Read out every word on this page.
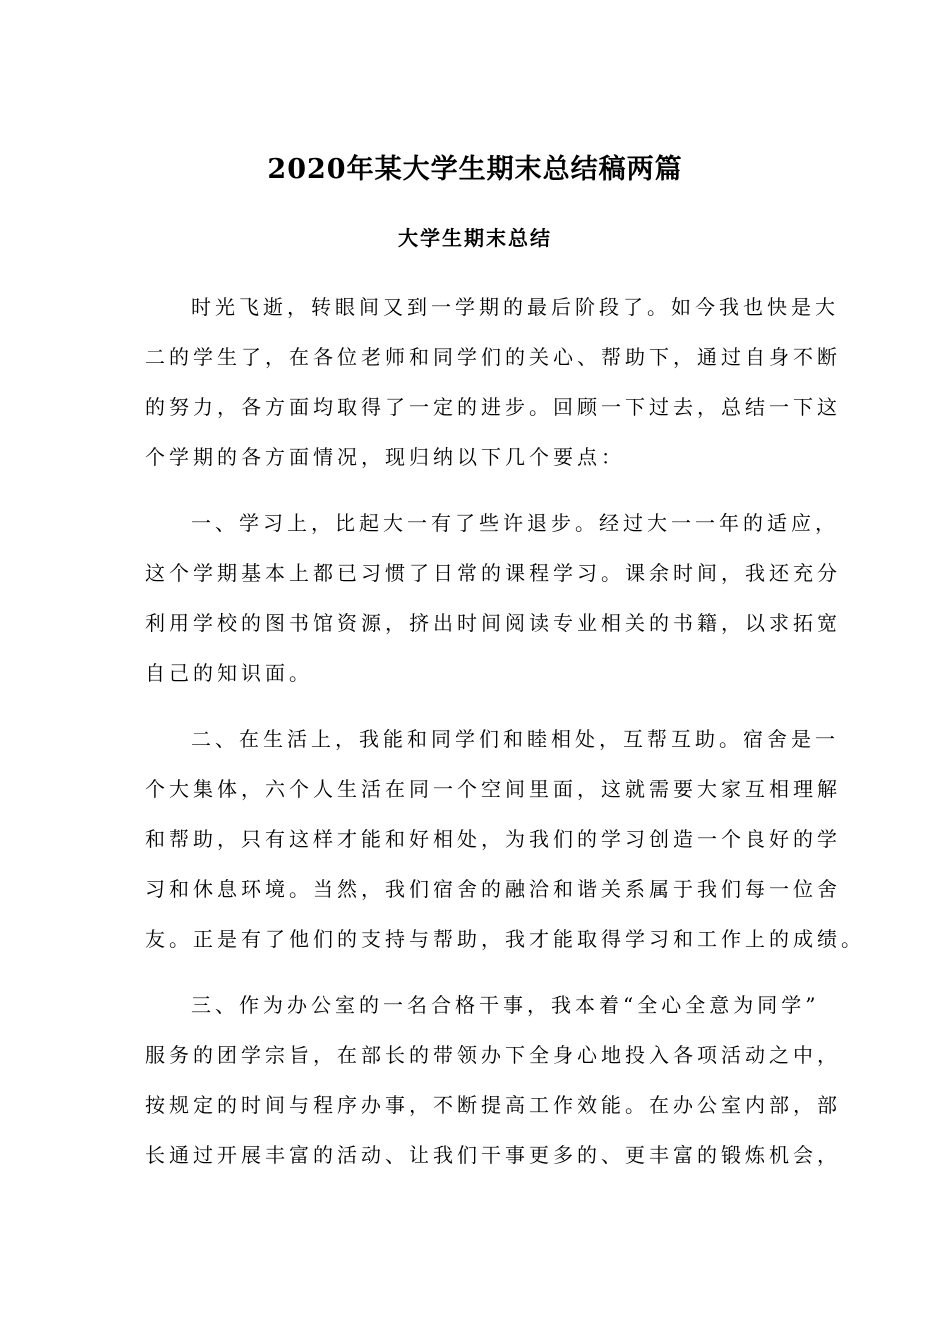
2020年某大学生期末总结稿两篇
大学生期末总结
时光飞逝，转眼间又到一学期的最后阶段了。如今我也快是大
二的学生了，在各位老师和同学们的关心、帮助下，通过自身不断
的努力，各方面均取得了一定的进步。回顾一下过去，总结一下这
个学期的各方面情况，现归纳以下几个要点：
一、学习上，比起大一有了些许退步。经过大一一年的适应，
这个学期基本上都已习惯了日常的课程学习。课余时间，我还充分
利用学校的图书馆资源，挤出时间阅读专业相关的书籍，以求拓宽
自己的知识面。
二、在生活上，我能和同学们和睦相处，互帮互助。宿舍是一
个大集体，六个人生活在同一个空间里面，这就需要大家互相理解
和帮助，只有这样才能和好相处，为我们的学习创造一个良好的学
习和休息环境。当然，我们宿舍的融洽和谐关系属于我们每一位舍
友。正是有了他们的支持与帮助，我才能取得学习和工作上的成绩。
三、作为办公室的一名合格干事，我本着“全心全意为同学”
服务的团学宗旨，在部长的带领办下全身心地投入各项活动之中，
按规定的时间与程序办事，不断提高工作效能。在办公室内部，部
长通过开展丰富的活动、让我们干事更多的、更丰富的锻炼机会，
